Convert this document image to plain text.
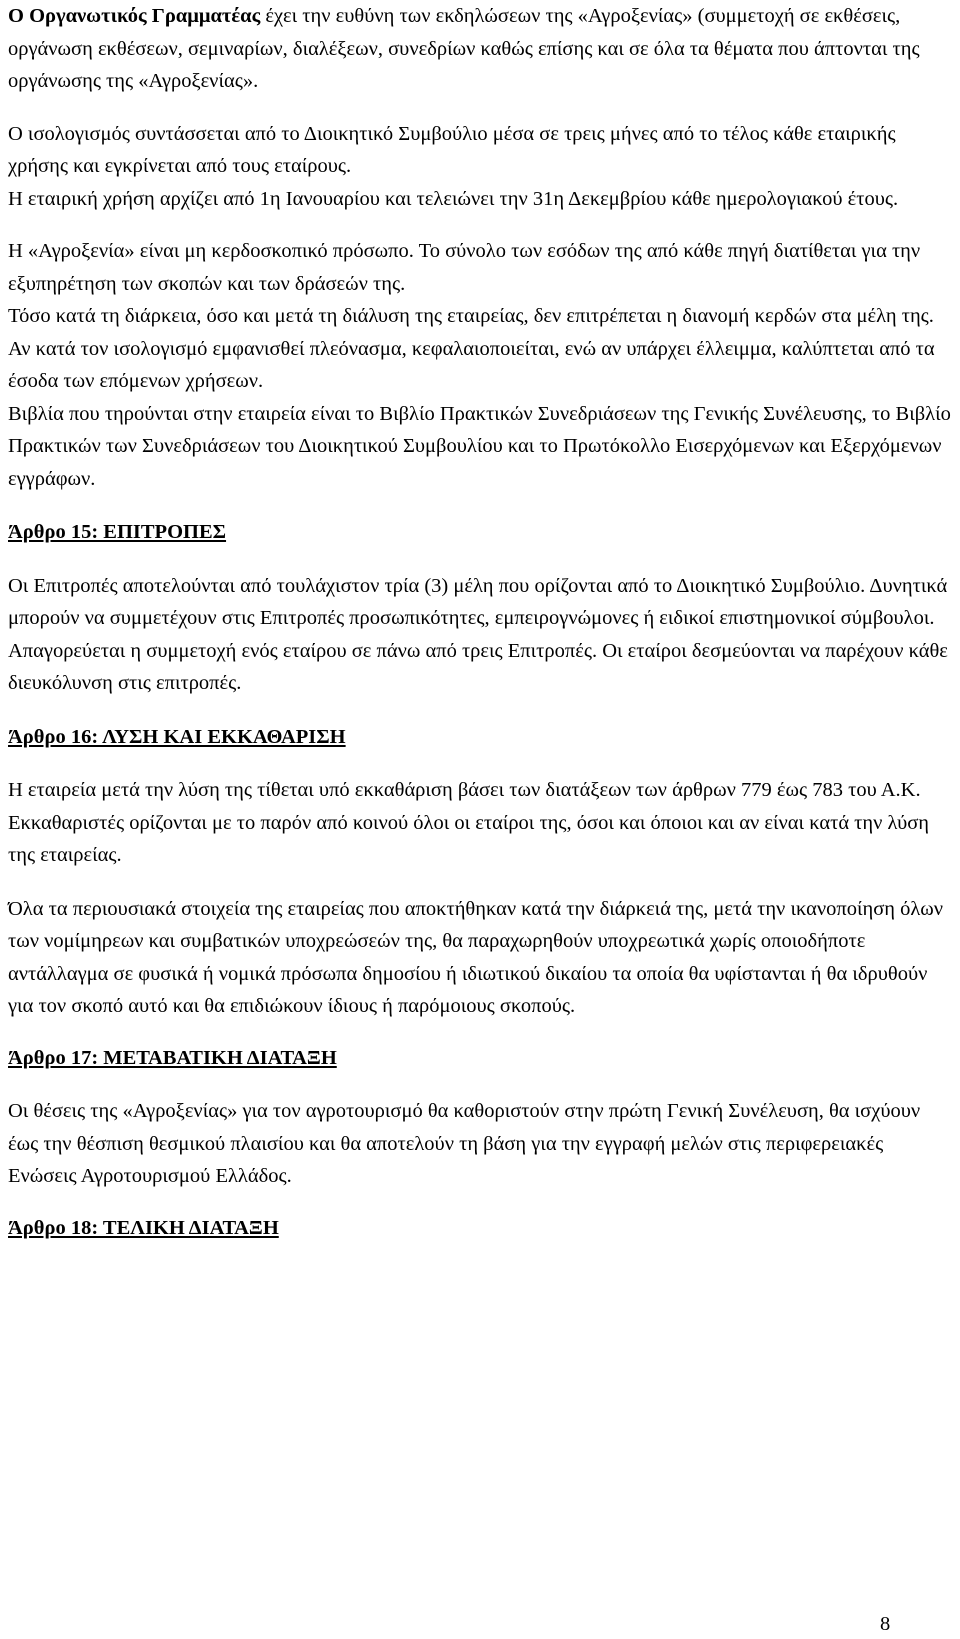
Ο Οργανωτικός Γραμματέας έχει την ευθύνη των εκδηλώσεων της «Αγροξενίας» (συμμετοχή σε εκθέσεις, οργάνωση εκθέσεων, σεμιναρίων, διαλέξεων, συνεδρίων καθώς επίσης και σε όλα τα θέματα που άπτονται της οργάνωσης της «Αγροξενίας».

Ο ισολογισμός συντάσσεται από το Διοικητικό Συμβούλιο μέσα σε τρεις μήνες από το τέλος κάθε εταιρικής χρήσης και εγκρίνεται από τους εταίρους.

Η εταιρική χρήση αρχίζει από 1η Ιανουαρίου και τελειώνει την 31η Δεκεμβρίου κάθε ημερολογιακού έτους.

Η «Αγροξενία» είναι μη κερδοσκοπικό πρόσωπο. Το σύνολο των εσόδων της από κάθε πηγή διατίθεται για την εξυπηρέτηση των σκοπών και των δράσεών της.

Τόσο κατά τη διάρκεια, όσο και μετά τη διάλυση της εταιρείας, δεν επιτρέπεται η διανομή κερδών στα μέλη της.

Αν κατά τον ισολογισμό εμφανισθεί πλεόνασμα, κεφαλαιοποιείται, ενώ αν υπάρχει έλλειμμα, καλύπτεται από τα έσοδα των επόμενων χρήσεων.

Βιβλία που τηρούνται στην εταιρεία είναι το Βιβλίο Πρακτικών Συνεδριάσεων της Γενικής Συνέλευσης, το Βιβλίο Πρακτικών των Συνεδριάσεων του Διοικητικού Συμβουλίου και το Πρωτόκολλο Εισερχόμενων και Εξερχόμενων εγγράφων.

Άρθρο 15: ΕΠΙΤΡΟΠΕΣ

Οι Επιτροπές αποτελούνται από τουλάχιστον τρία (3) μέλη που ορίζονται από το Διοικητικό Συμβούλιο. Δυνητικά μπορούν να συμμετέχουν στις Επιτροπές προσωπικότητες, εμπειρογνώμονες ή ειδικοί επιστημονικοί σύμβουλοι. Απαγορεύεται η συμμετοχή ενός εταίρου σε πάνω από τρεις Επιτροπές. Οι εταίροι δεσμεύονται να παρέχουν κάθε διευκόλυνση στις επιτροπές.

Άρθρο 16: ΛΥΣΗ ΚΑΙ ΕΚΚΑΘΑΡΙΣΗ

Η εταιρεία μετά την λύση της τίθεται υπό εκκαθάριση βάσει των διατάξεων των άρθρων 779 έως 783 του Α.Κ. Εκκαθαριστές ορίζονται με το παρόν από κοινού όλοι οι εταίροι της, όσοι και όποιοι και αν είναι κατά την λύση της εταιρείας.

Όλα τα περιουσιακά στοιχεία της εταιρείας που αποκτήθηκαν κατά την διάρκειά της, μετά την ικανοποίηση όλων των νομίμηρεων και συμβατικών υποχρεώσεών της, θα παραχωρηθούν υποχρεωτικά χωρίς οποιοδήποτε αντάλλαγμα σε φυσικά ή νομικά πρόσωπα δημοσίου ή ιδιωτικού δικαίου τα οποία θα υφίστανται ή θα ιδρυθούν για τον σκοπό αυτό και θα επιδιώκουν ίδιους ή παρόμοιους σκοπούς.

Άρθρο 17: ΜΕΤΑΒΑΤΙΚΗ ΔΙΑΤΑΞΗ

Οι θέσεις της «Αγροξενίας» για τον αγροτουρισμό θα καθοριστούν στην πρώτη Γενική Συνέλευση, θα ισχύουν έως την θέσπιση θεσμικού πλαισίου και θα αποτελούν τη βάση για την εγγραφή μελών στις περιφερειακές Ενώσεις Αγροτουρισμού Ελλάδος.

Άρθρο 18: ΤΕΛΙΚΗ ΔΙΑΤΑΞΗ

8
